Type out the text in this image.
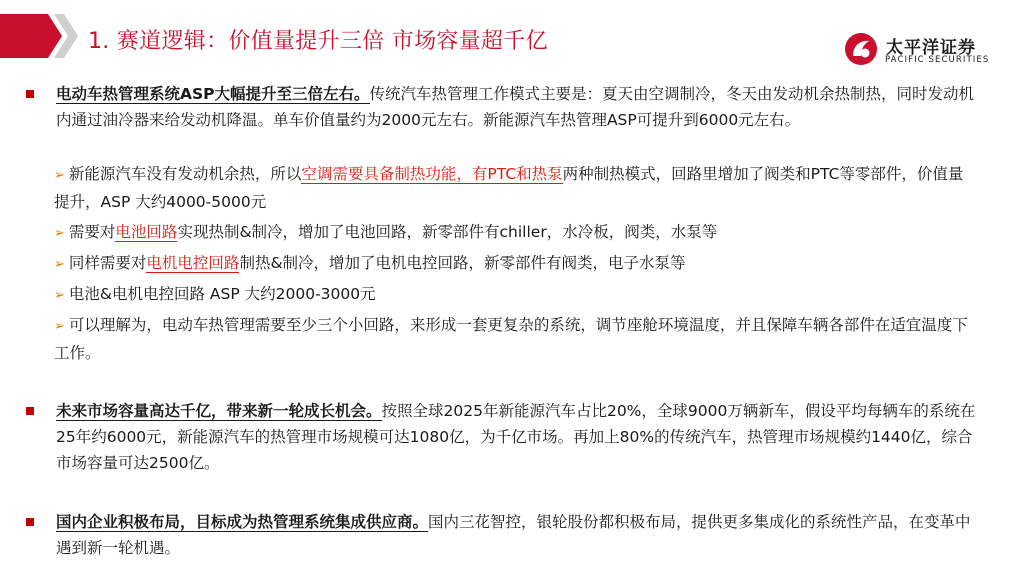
1. 赛道逻辑：价值量提升三倍 市场容量超千亿	太平洋证券
PACIFIC SECURITIES
电动车热管理系统ASP大幅提升至三倍左右。传统汽车热管理工作模式主要是：夏天由空调制冷，冬天由发动机余热制热，同时发动机内通过油冷器来给发动机降温。单车价值量约为2000元左右。新能源汽车热管理ASP可提升到6000元左右。
➢ 新能源汽车没有发动机余热，所以空调需要具备制热功能，有PTC和热泵两种制热模式，回路里增加了阀类和PTC等零部件，价值量提升，ASP 大约4000-5000元
➢ 需要对电池回路实现热制&制冷，增加了电池回路，新零部件有chiller，水冷板，阀类，水泵等
➢ 同样需要对电机电控回路制热&制冷，增加了电机电控回路，新零部件有阀类，电子水泵等
➢ 电池&电机电控回路 ASP 大约2000-3000元
➢ 可以理解为，电动车热管理需要至少三个小回路，来形成一套更复杂的系统，调节座舱环境温度，并且保障车辆各部件在适宜温度下工作。
未来市场容量高达千亿，带来新一轮成长机会。按照全球2025年新能源汽车占比20%，全球9000万辆新车，假设平均每辆车的系统在25年约6000元，新能源汽车的热管理市场规模可达1080亿，为千亿市场。再加上80%的传统汽车，热管理市场规模约1440亿，综合市场容量可达2500亿。
国内企业积极布局，目标成为热管理系统集成供应商。国内三花智控，银轮股份都积极布局，提供更多集成化的系统性产品，在变革中遇到新一轮机遇。
